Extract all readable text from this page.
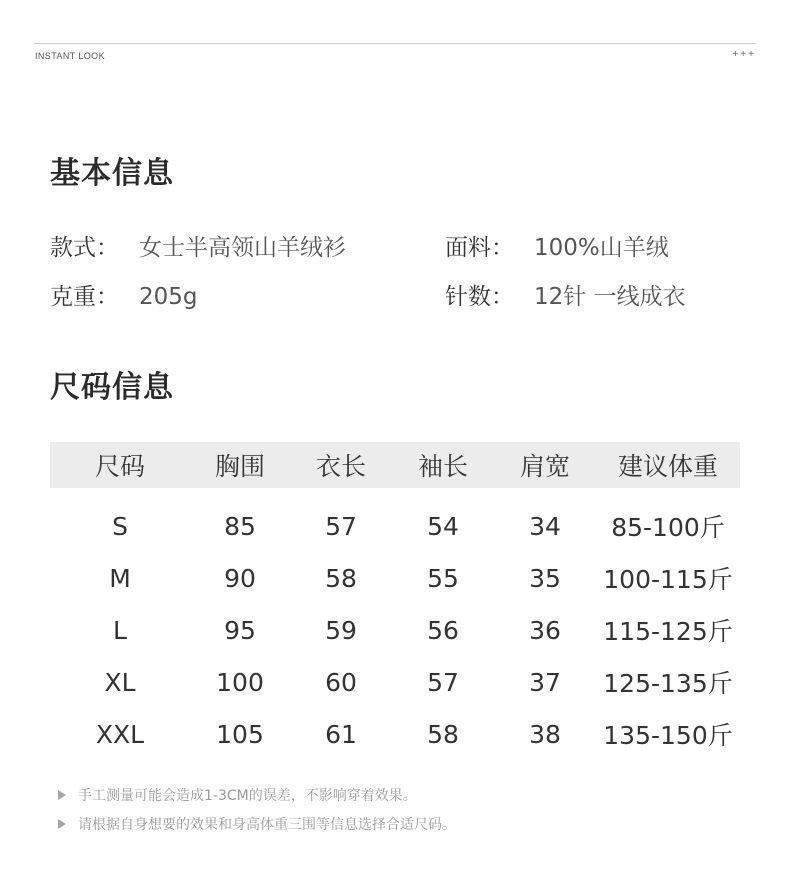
INSTANT LOOK	+++
基本信息
款式： 女士半高领山羊绒衫	面料： 100%山羊绒
克重： 205g	针数： 12针 一线成衣
尺码信息
尺码	胸围	衣长	袖长	肩宽	建议体重
S	85	57	54	34	85-100斤
M	90	58	55	35	100-115斤
L	95	59	56	36	115-125斤
XL	100	60	57	37	125-135斤
XXL	105	61	58	38	135-150斤
手工测量可能会造成1-3CM的误差，不影响穿着效果。
请根据自身想要的效果和身高体重三围等信息选择合适尺码。
